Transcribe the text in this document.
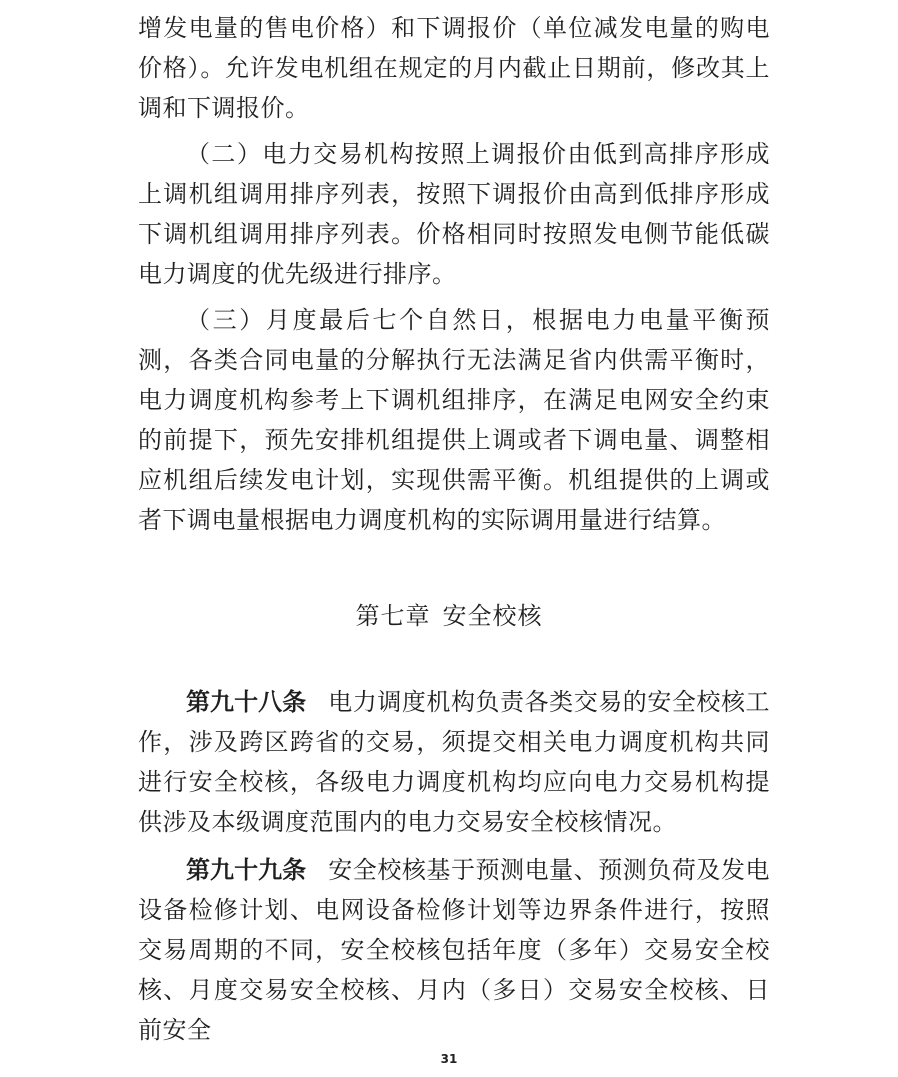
增发电量的售电价格）和下调报价（单位减发电量的购电价格）。允许发电机组在规定的月内截止日期前，修改其上调和下调报价。

（二）电力交易机构按照上调报价由低到高排序形成上调机组调用排序列表，按照下调报价由高到低排序形成下调机组调用排序列表。价格相同时按照发电侧节能低碳电力调度的优先级进行排序。

（三）月度最后七个自然日，根据电力电量平衡预测，各类合同电量的分解执行无法满足省内供需平衡时，电力调度机构参考上下调机组排序，在满足电网安全约束的前提下，预先安排机组提供上调或者下调电量、调整相应机组后续发电计划，实现供需平衡。机组提供的上调或者下调电量根据电力调度机构的实际调用量进行结算。

第七章 安全校核

第九十八条 电力调度机构负责各类交易的安全校核工作，涉及跨区跨省的交易，须提交相关电力调度机构共同进行安全校核，各级电力调度机构均应向电力交易机构提供涉及本级调度范围内的电力交易安全校核情况。

第九十九条 安全校核基于预测电量、预测负荷及发电设备检修计划、电网设备检修计划等边界条件进行，按照交易周期的不同，安全校核包括年度（多年）交易安全校核、月度交易安全校核、月内（多日）交易安全校核、日前安全

31
